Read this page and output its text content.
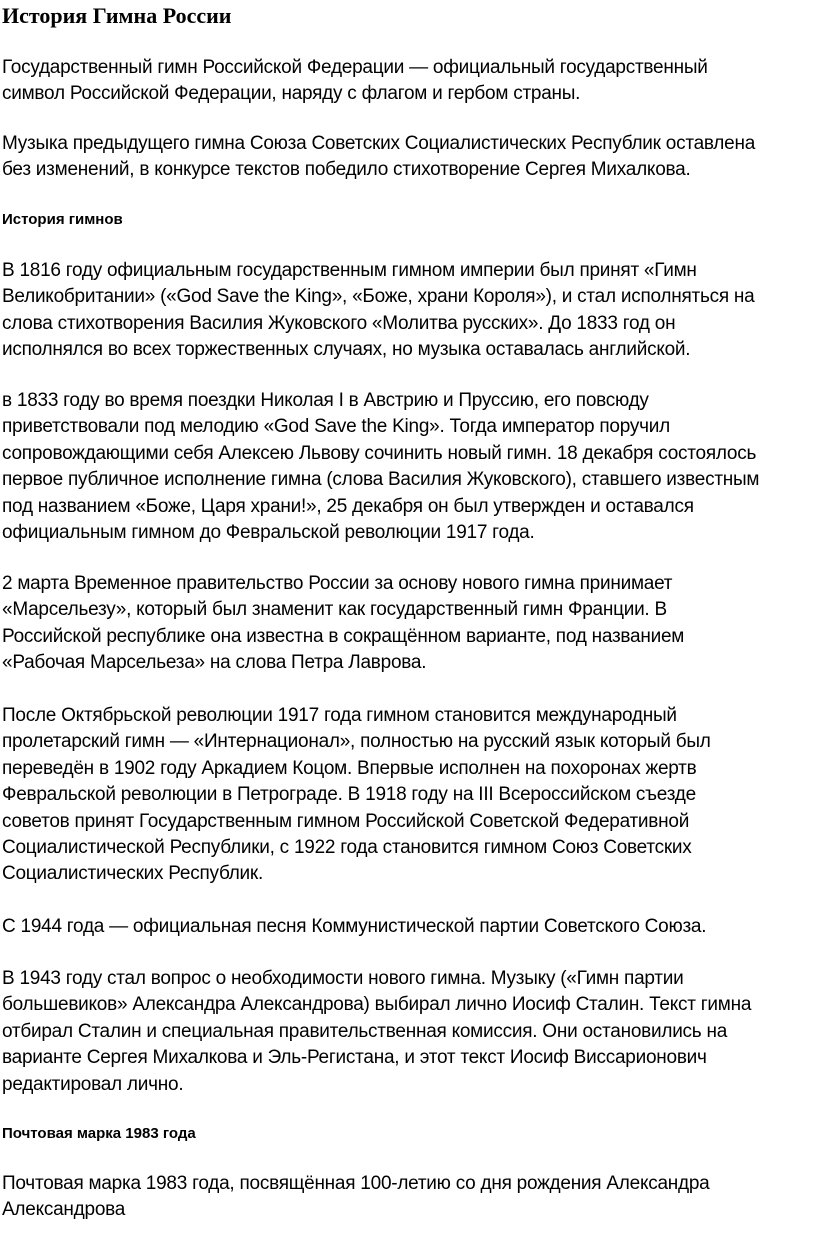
История Гимна России

Государственный гимн Российской Федерации — официальный государственный
символ Российской Федерации, наряду с флагом и гербом страны.

Музыка предыдущего гимна Союза Советских Социалистических Республик оставлена
без изменений, в конкурсе текстов победило стихотворение Сергея Михалкова.

История гимнов

В 1816 году официальным государственным гимном империи был принят «Гимн
Великобритании» («God Save the King», «Боже, храни Короля»), и стал исполняться на
слова стихотворения Василия Жуковского «Молитва русских». До 1833 год он
исполнялся во всех торжественных случаях, но музыка оставалась английской.

в 1833 году во время поездки Николая I в Австрию и Пруссию, его повсюду
приветствовали под мелодию «God Save the King». Тогда император поручил
сопровождающими себя Алексею Львову сочинить новый гимн. 18 декабря состоялось
первое публичное исполнение гимна (слова Василия Жуковского), ставшего известным
под названием «Боже, Царя храни!», 25 декабря он был утвержден и оставался
официальным гимном до Февральской революции 1917 года.

2 марта Временное правительство России за основу нового гимна принимает
«Марсельезу», который был знаменит как государственный гимн Франции. В
Российской республике она известна в сокращённом варианте, под названием
«Рабочая Марсельеза» на слова Петра Лаврова.

После Октябрьской революции 1917 года гимном становится международный
пролетарский гимн — «Интернационал», полностью на русский язык который был
переведён в 1902 году Аркадием Коцом. Впервые исполнен на похоронах жертв
Февральской революции в Петрограде. В 1918 году на III Всероссийском съезде
советов принят Государственным гимном Российской Советской Федеративной
Социалистической Республики, с 1922 года становится гимном Союз Советских
Социалистических Республик.

С 1944 года — официальная песня Коммунистической партии Советского Союза.

В 1943 году стал вопрос о необходимости нового гимна. Музыку («Гимн партии
большевиков» Александра Александрова) выбирал лично Иосиф Сталин. Текст гимна
отбирал Сталин и специальная правительственная комиссия. Они остановились на
варианте Сергея Михалкова и Эль-Регистана, и этот текст Иосиф Виссарионович
редактировал лично.

Почтовая марка 1983 года

Почтовая марка 1983 года, посвящённая 100-летию со дня рождения Александра
Александрова
